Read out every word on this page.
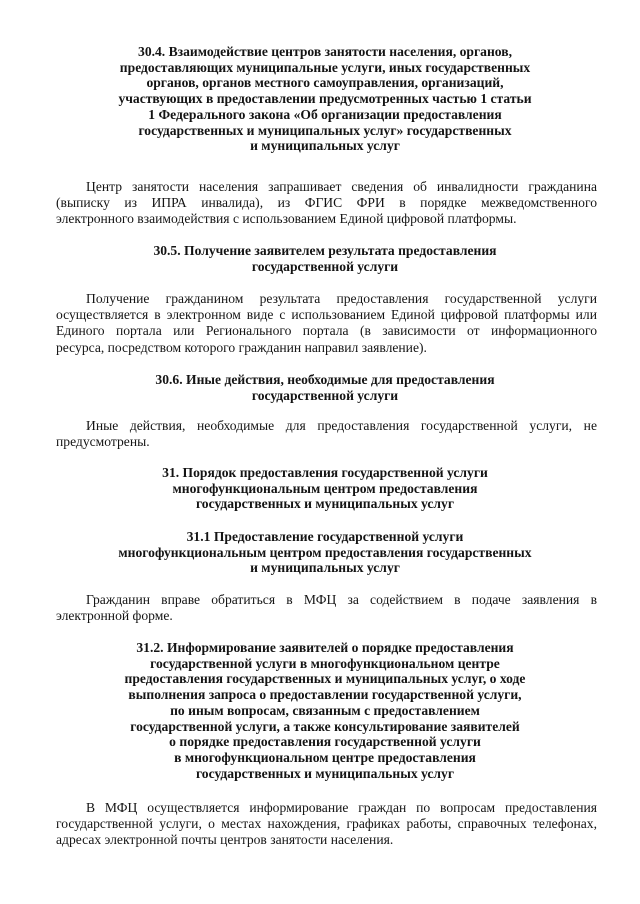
30.4. Взаимодействие центров занятости населения, органов,
предоставляющих муниципальные услуги, иных государственных
органов, органов местного самоуправления, организаций,
участвующих в предоставлении предусмотренных частью 1 статьи
1 Федерального закона «Об организации предоставления
государственных и муниципальных услуг» государственных
и муниципальных услуг
Центр занятости населения запрашивает сведения об инвалидности гражданина
(выписку из ИПРА инвалида), из ФГИС ФРИ в порядке межведомственного
электронного взаимодействия с использованием Единой цифровой платформы.
30.5. Получение заявителем результата предоставления
государственной услуги
Получение гражданином результата предоставления государственной услуги
осуществляется в электронном виде с использованием Единой цифровой платформы или
Единого портала или Регионального портала (в зависимости от информационного
ресурса, посредством которого гражданин направил заявление).
30.6. Иные действия, необходимые для предоставления
государственной услуги
Иные действия, необходимые для предоставления государственной услуги, не
предусмотрены.
31. Порядок предоставления государственной услуги
многофункциональным центром предоставления
государственных и муниципальных услуг
31.1 Предоставление государственной услуги
многофункциональным центром предоставления государственных
и муниципальных услуг
Гражданин вправе обратиться в МФЦ за содействием в подаче заявления в
электронной форме.
31.2. Информирование заявителей о порядке предоставления
государственной услуги в многофункциональном центре
предоставления государственных и муниципальных услуг, о ходе
выполнения запроса о предоставлении государственной услуги,
по иным вопросам, связанным с предоставлением
государственной услуги, а также консультирование заявителей
о порядке предоставления государственной услуги
в многофункциональном центре предоставления
государственных и муниципальных услуг
В МФЦ осуществляется информирование граждан по вопросам предоставления
государственной услуги, о местах нахождения, графиках работы, справочных телефонах,
адресах электронной почты центров занятости населения.
